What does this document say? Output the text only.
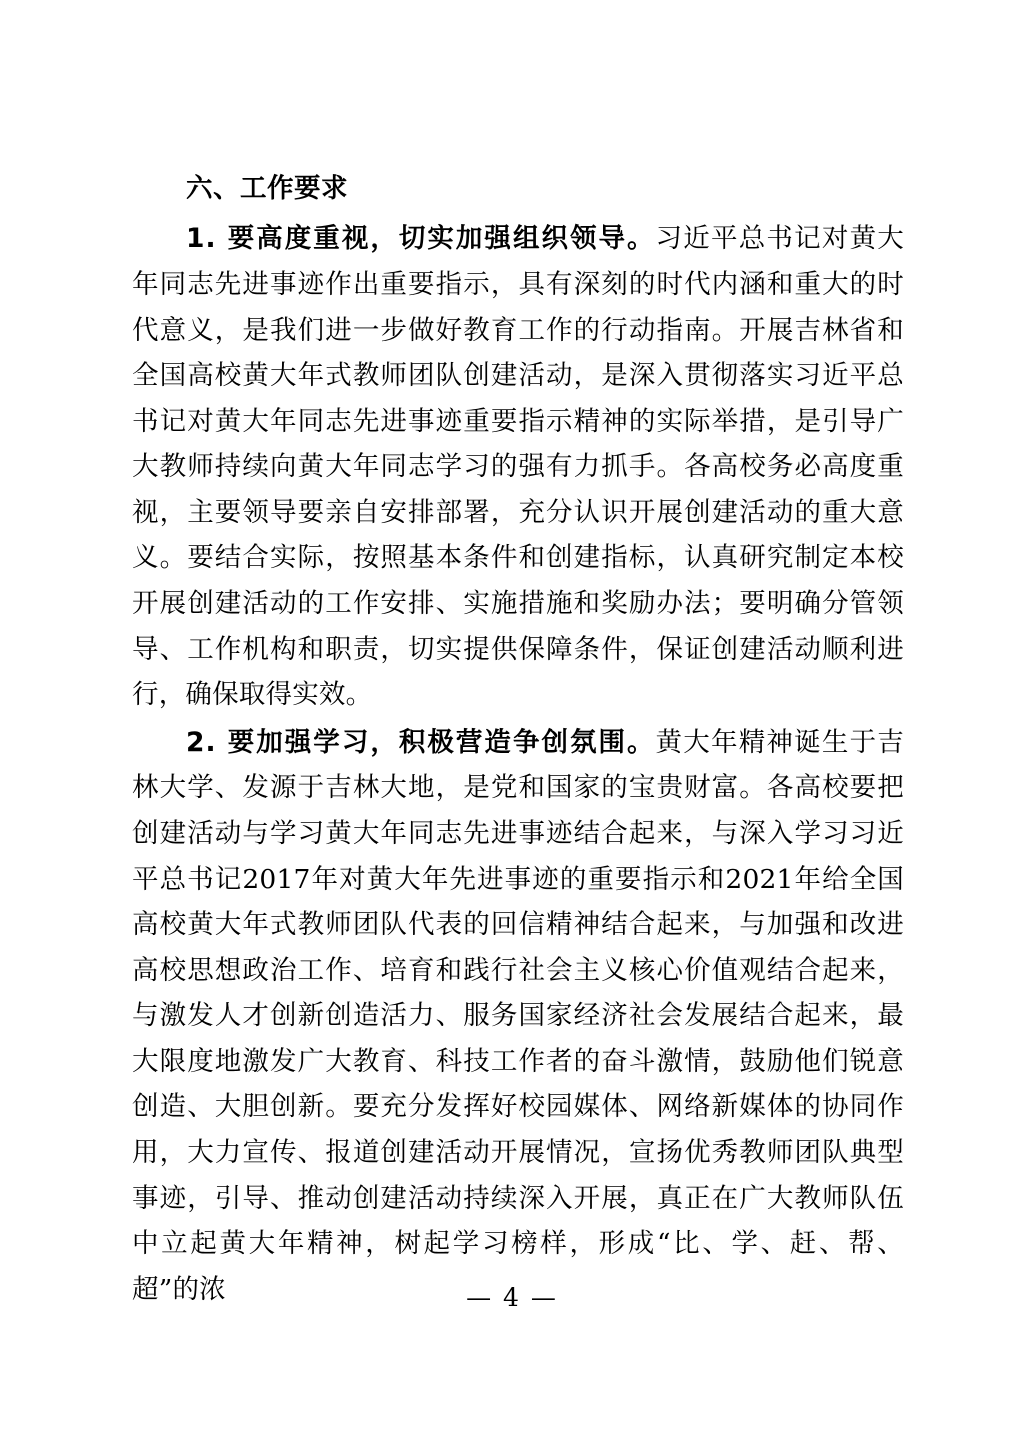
六、工作要求

1. 要高度重视，切实加强组织领导。习近平总书记对黄大年同志先进事迹作出重要指示，具有深刻的时代内涵和重大的时代意义，是我们进一步做好教育工作的行动指南。开展吉林省和全国高校黄大年式教师团队创建活动，是深入贯彻落实习近平总书记对黄大年同志先进事迹重要指示精神的实际举措，是引导广大教师持续向黄大年同志学习的强有力抓手。各高校务必高度重视，主要领导要亲自安排部署，充分认识开展创建活动的重大意义。要结合实际，按照基本条件和创建指标，认真研究制定本校开展创建活动的工作安排、实施措施和奖励办法；要明确分管领导、工作机构和职责，切实提供保障条件，保证创建活动顺利进行，确保取得实效。

2. 要加强学习，积极营造争创氛围。黄大年精神诞生于吉林大学、发源于吉林大地，是党和国家的宝贵财富。各高校要把创建活动与学习黄大年同志先进事迹结合起来，与深入学习习近平总书记2017年对黄大年先进事迹的重要指示和2021年给全国高校黄大年式教师团队代表的回信精神结合起来，与加强和改进高校思想政治工作、培育和践行社会主义核心价值观结合起来，与激发人才创新创造活力、服务国家经济社会发展结合起来，最大限度地激发广大教育、科技工作者的奋斗激情，鼓励他们锐意创造、大胆创新。要充分发挥好校园媒体、网络新媒体的协同作用，大力宣传、报道创建活动开展情况，宣扬优秀教师团队典型事迹，引导、推动创建活动持续深入开展，真正在广大教师队伍中立起黄大年精神，树起学习榜样，形成“比、学、赶、帮、超”的浓	— 4 —
